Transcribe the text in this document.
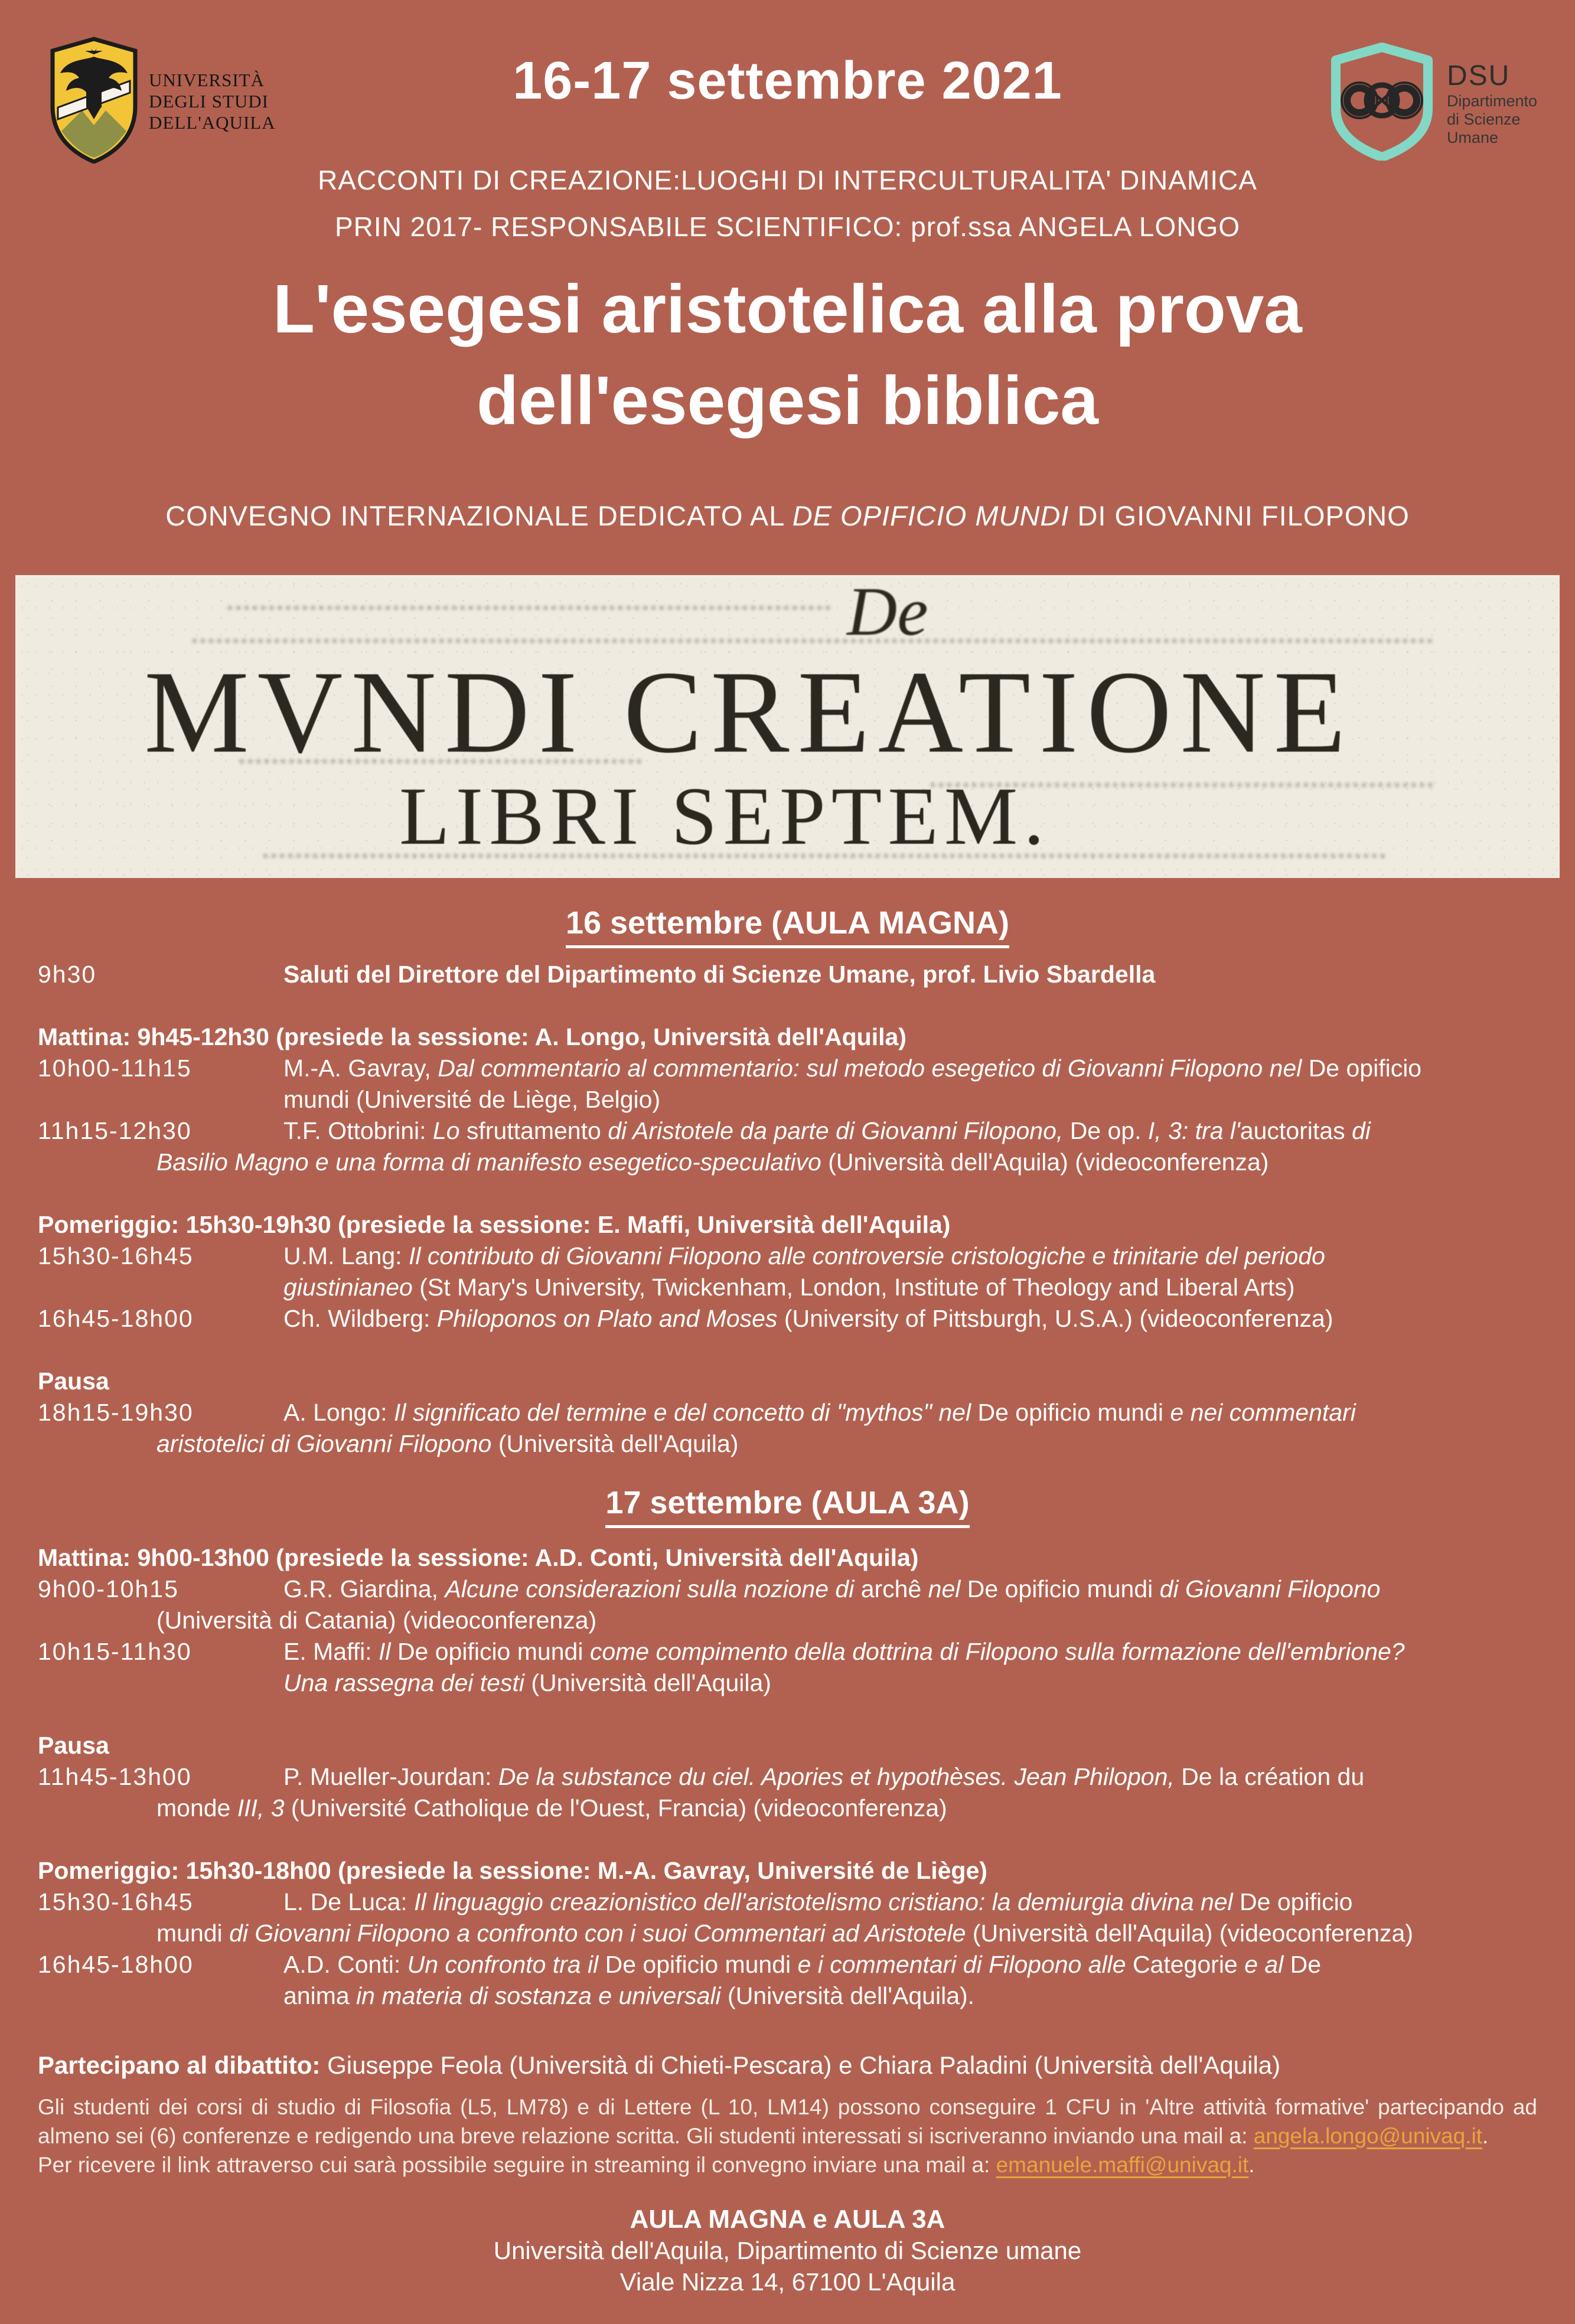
UNIVERSITÀ
DEGLI STUDI
DELL'AQUILA
16-17 settembre 2021	DSU
Dipartimento
di Scienze
Umane
RACCONTI DI CREAZIONE:LUOGHI DI INTERCULTURALITA' DINAMICA
PRIN 2017- RESPONSABILE SCIENTIFICO: prof.ssa ANGELA LONGO
L'esegesi aristotelica alla prova
dell'esegesi biblica
CONVEGNO INTERNAZIONALE DEDICATO AL DE OPIFICIO MUNDI DI GIOVANNI FILOPONO
De
MVNDI CREATIONE
LIBRI SEPTEM.
16 settembre (AULA MAGNA)
17 settembre (AULA 3A)
9h30	Saluti del Direttore del Dipartimento di Scienze Umane, prof. Livio Sbardella
Mattina: 9h45-12h30 (presiede la sessione: A. Longo, Università dell'Aquila)
10h00-11h15	M.-A. Gavray, Dal commentario al commentario: sul metodo esegetico di Giovanni Filopono nel De opificio
mundi (Université de Liège, Belgio)
11h15-12h30	T.F. Ottobrini: Lo sfruttamento di Aristotele da parte di Giovanni Filopono, De op. I, 3: tra l'auctoritas di
Basilio Magno e una forma di manifesto esegetico-speculativo (Università dell'Aquila) (videoconferenza)
Pomeriggio: 15h30-19h30 (presiede la sessione: E. Maffi, Università dell'Aquila)
15h30-16h45	U.M. Lang: Il contributo di Giovanni Filopono alle controversie cristologiche e trinitarie del periodo
giustinianeo (St Mary's University, Twickenham, London, Institute of Theology and Liberal Arts)
16h45-18h00	Ch. Wildberg: Philoponos on Plato and Moses (University of Pittsburgh, U.S.A.) (videoconferenza)
Pausa
18h15-19h30	A. Longo: Il significato del termine e del concetto di "mythos" nel De opificio mundi e nei commentari
aristotelici di Giovanni Filopono (Università dell'Aquila)
Mattina: 9h00-13h00 (presiede la sessione: A.D. Conti, Università dell'Aquila)
9h00-10h15	G.R. Giardina, Alcune considerazioni sulla nozione di archê nel De opificio mundi di Giovanni Filopono
(Università di Catania) (videoconferenza)
10h15-11h30	E. Maffi: Il De opificio mundi come compimento della dottrina di Filopono sulla formazione dell'embrione?
Una rassegna dei testi (Università dell'Aquila)
Pausa
11h45-13h00	P. Mueller-Jourdan: De la substance du ciel. Apories et hypothèses. Jean Philopon, De la création du
monde III, 3 (Université Catholique de l'Ouest, Francia) (videoconferenza)
Pomeriggio: 15h30-18h00 (presiede la sessione: M.-A. Gavray, Université de Liège)
15h30-16h45	L. De Luca: Il linguaggio creazionistico dell'aristotelismo cristiano: la demiurgia divina nel De opificio
mundi di Giovanni Filopono a confronto con i suoi Commentari ad Aristotele (Università dell'Aquila) (videoconferenza)
16h45-18h00	A.D. Conti: Un confronto tra il De opificio mundi e i commentari di Filopono alle Categorie e al De
anima in materia di sostanza e universali (Università dell'Aquila).
Partecipano al dibattito: Giuseppe Feola (Università di Chieti-Pescara) e Chiara Paladini (Università dell'Aquila)
Gli studenti dei corsi di studio di Filosofia (L5, LM78) e di Lettere (L 10, LM14) possono conseguire 1 CFU in 'Altre attività formative' partecipando ad almeno sei (6) conferenze e redigendo una breve relazione scritta. Gli studenti interessati si iscriveranno inviando una mail a: angela.longo@univaq.it.
Per ricevere il link attraverso cui sarà possibile seguire in streaming il convegno inviare una mail a: emanuele.maffi@univaq.it.
AULA MAGNA e AULA 3A
Università dell'Aquila, Dipartimento di Scienze umane
Viale Nizza 14, 67100 L'Aquila
